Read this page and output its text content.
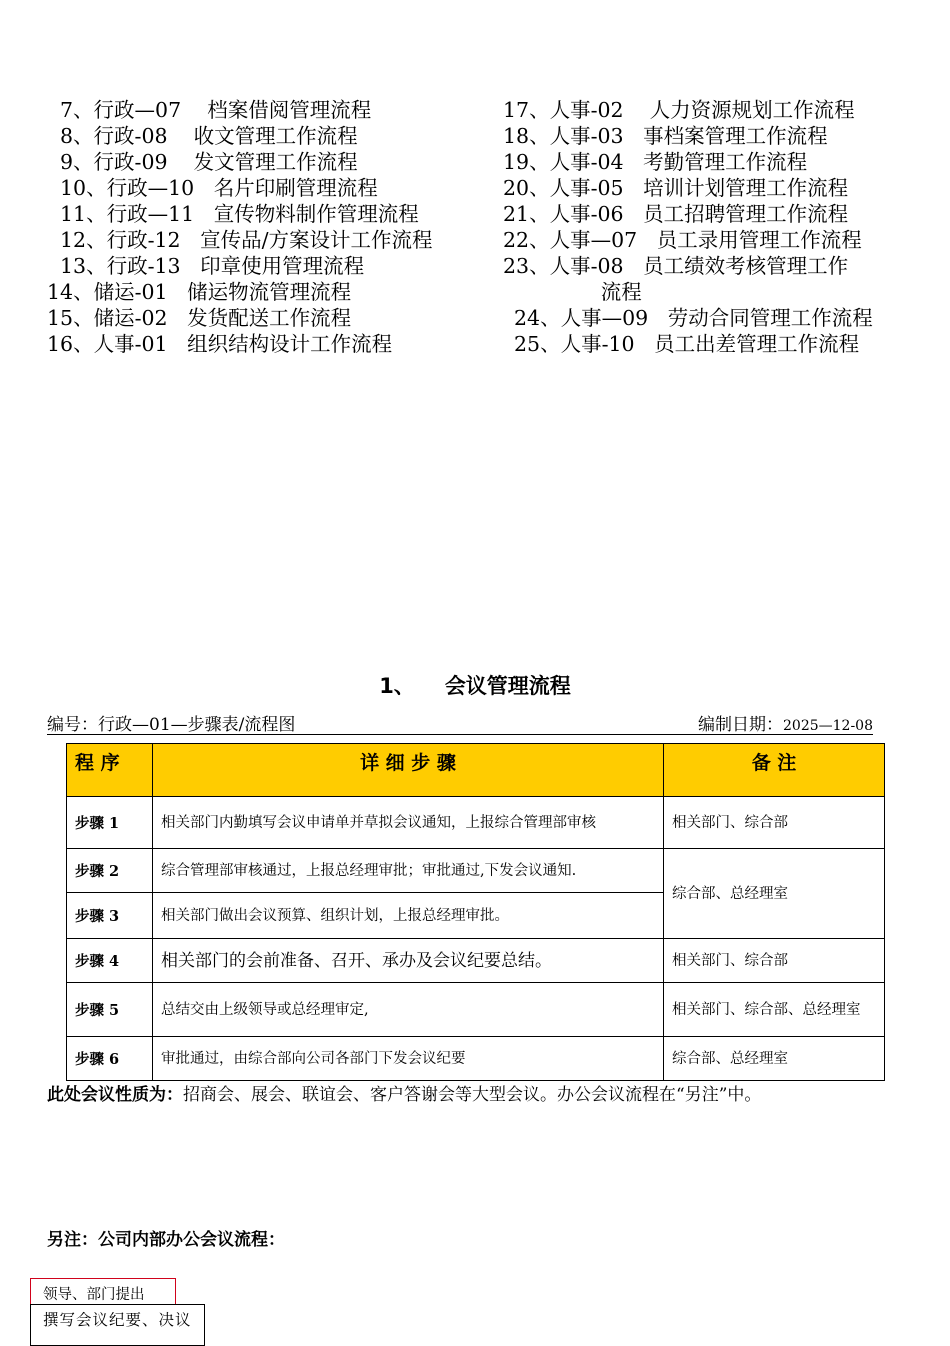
7、行政—07    档案借阅管理流程
8、行政-08    收文管理工作流程
9、行政-09    发文管理工作流程
10、行政—10   名片印刷管理流程
11、行政—11   宣传物料制作管理流程
12、行政-12   宣传品/方案设计工作流程
13、行政-13   印章使用管理流程
14、储运-01   储运物流管理流程
15、储运-02   发货配送工作流程
16、人事-01   组织结构设计工作流程
17、人事-02    人力资源规划工作流程
18、人事-03   事档案管理工作流程
19、人事-04   考勤管理工作流程
20、人事-05   培训计划管理工作流程
21、人事-06   员工招聘管理工作流程
22、人事—07   员工录用管理工作流程
23、人事-08   员工绩效考核管理工作
流程
24、人事—09   劳动合同管理工作流程
25、人事-10   员工出差管理工作流程
1、 会议管理流程
编号：行政—01—步骤表/流程图	编制日期：2025—12-08
程 序	详 细 步 骤	备 注
步骤 1	相关部门内勤填写会议申请单并草拟会议通知，上报综合管理部审核	相关部门、综合部
步骤 2	综合管理部审核通过，上报总经理审批；审批通过,下发会议通知.	综合部、总经理室
步骤 3	相关部门做出会议预算、组织计划，上报总经理审批。	
步骤 4	相关部门的会前准备、召开、承办及会议纪要总结。	相关部门、综合部
步骤 5	总结交由上级领导或总经理审定,	相关部门、综合部、总经理室
步骤 6	审批通过，由综合部向公司各部门下发会议纪要	综合部、总经理室
此处会议性质为：招商会、展会、联谊会、客户答谢会等大型会议。办公会议流程在“另注”中。
另注：公司内部办公会议流程：
领导、部门提出
撰写会议纪要、决议
